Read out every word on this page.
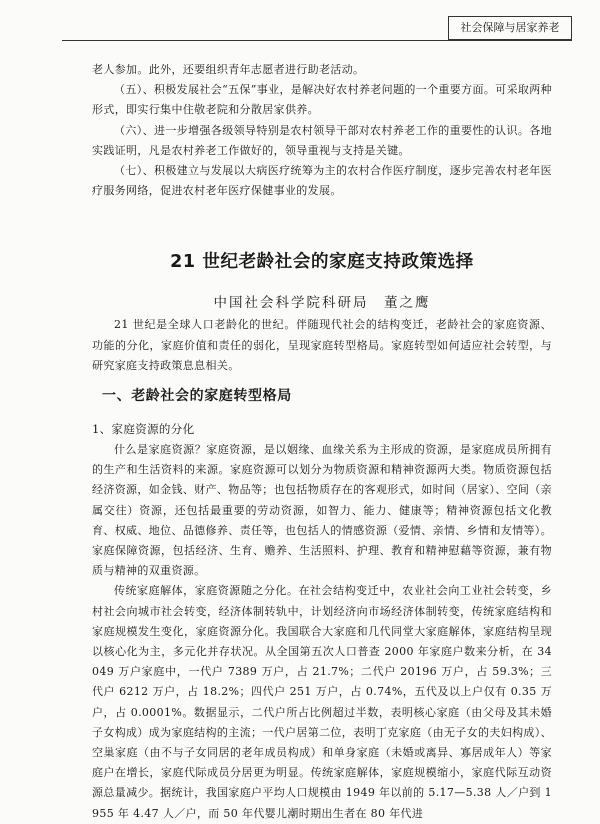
社会保障与居家养老

老人参加。此外，还要组织青年志愿者进行助老活动。

（五）、积极发展社会“五保”事业，是解决好农村养老问题的一个重要方面。可采取两种形式，即实行集中住敬老院和分散居家供养。

（六）、进一步增强各级领导特别是农村领导干部对农村养老工作的重要性的认识。各地实践证明，凡是农村养老工作做好的，领导重视与支持是关键。

（七）、积极建立与发展以大病医疗统筹为主的农村合作医疗制度，逐步完善农村老年医疗服务网络，促进农村老年医疗保健事业的发展。

21 世纪老龄社会的家庭支持政策选择
中国社会科学院科研局　董之鹰

21 世纪是全球人口老龄化的世纪。伴随现代社会的结构变迁，老龄社会的家庭资源、功能的分化，家庭价值和责任的弱化，呈现家庭转型格局。家庭转型如何适应社会转型，与研究家庭支持政策息息相关。

一、老龄社会的家庭转型格局
1、家庭资源的分化

什么是家庭资源？家庭资源，是以姻缘、血缘关系为主形成的资源，是家庭成员所拥有的生产和生活资料的来源。家庭资源可以划分为物质资源和精神资源两大类。物质资源包括经济资源，如金钱、财产、物品等；也包括物质存在的客观形式，如时间（居家）、空间（亲属交往）资源，还包括最重要的劳动资源，如智力、能力、健康等；精神资源包括文化教育、权威、地位、品德修养、责任等，也包括人的情感资源（爱情、亲情、乡情和友情等）。家庭保障资源，包括经济、生育、赡养、生活照料、护理、教育和精神慰藉等资源，兼有物质与精神的双重资源。

传统家庭解体，家庭资源随之分化。在社会结构变迁中，农业社会向工业社会转变，乡村社会向城市社会转变，经济体制转轨中，计划经济向市场经济体制转变，传统家庭结构和家庭规模发生变化，家庭资源分化。我国联合大家庭和几代同堂大家庭解体，家庭结构呈现以核心化为主，多元化并存状况。从全国第五次人口普查 2000 年家庭户数来分析，在 34049 万户家庭中，一代户 7389 万户，占 21.7%；二代户 20196 万户，占 59.3%；三代户 6212 万户，占 18.2%；四代户 251 万户，占 0.74%，五代及以上户仅有 0.35 万户，占 0.0001%。数据显示，二代户所占比例超过半数，表明核心家庭（由父母及其未婚子女构成）成为家庭结构的主流；一代户居第二位，表明丁克家庭（由无子女的夫妇构成）、空巢家庭（由不与子女同居的老年成员构成）和单身家庭（未婚或离异、寡居成年人）等家庭户在增长，家庭代际成员分居更为明显。传统家庭解体，家庭规模缩小，家庭代际互动资源总量减少。据统计，我国家庭户平均人口规模由 1949 年以前的 5.17—5.38 人／户到 1955 年 4.47 人／户，而 50 年代婴儿潮时期出生者在 80 年代进
